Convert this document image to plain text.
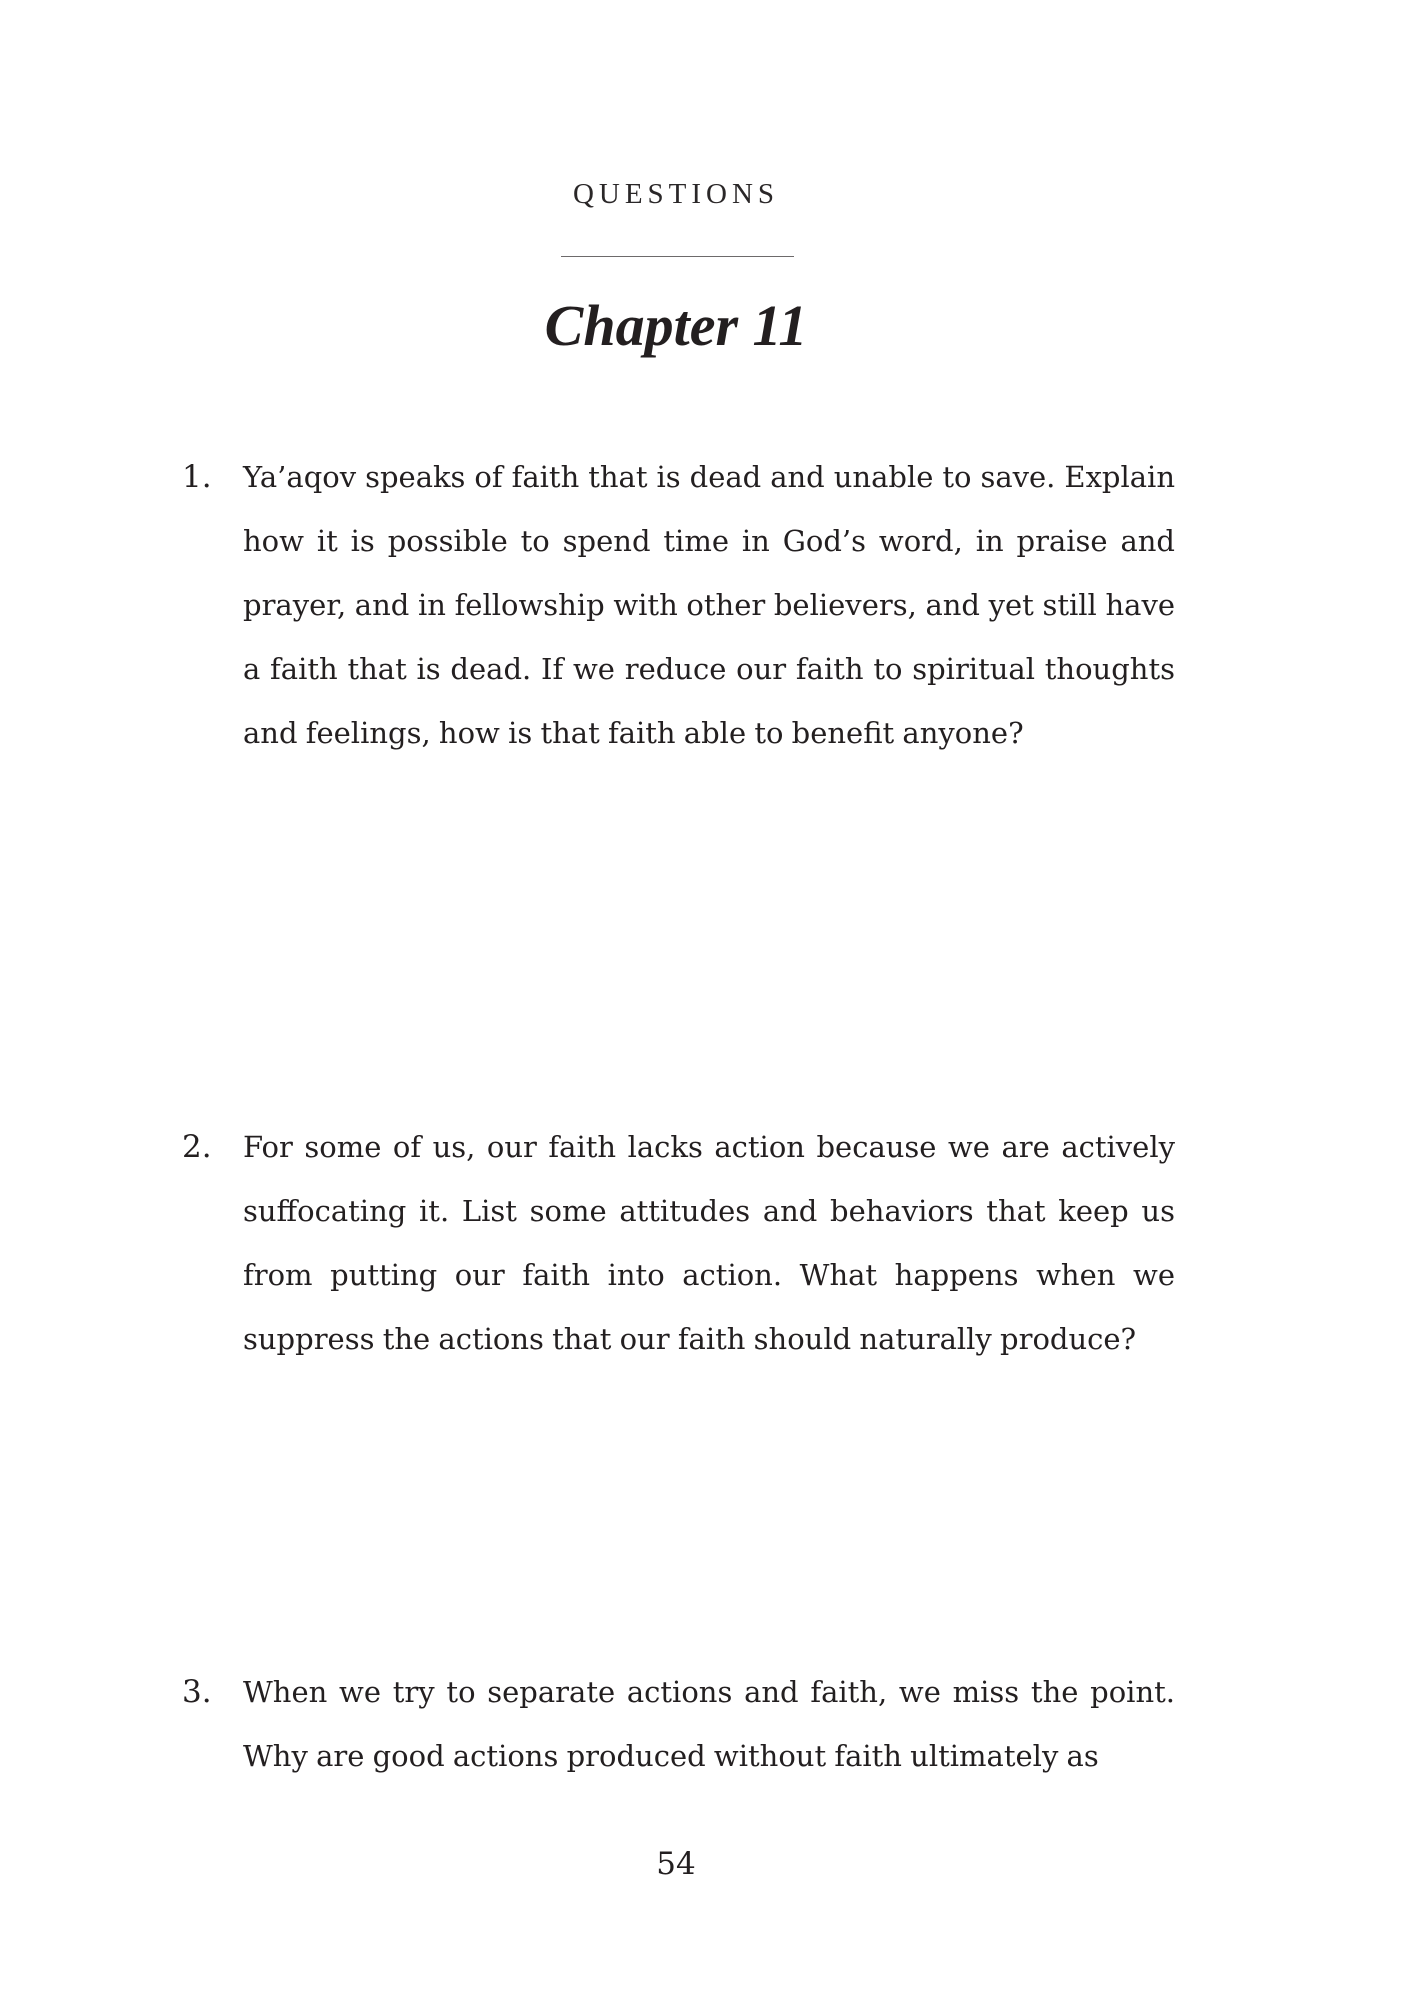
QUESTIONS
Chapter 11
1. Ya’aqov speaks of faith that is dead and unable to save. Explain how it is possible to spend time in God’s word, in praise and prayer, and in fellowship with other believers, and yet still have a faith that is dead. If we reduce our faith to spiritual thoughts and feelings, how is that faith able to benefit anyone?

2. For some of us, our faith lacks action because we are actively suffocating it. List some attitudes and behaviors that keep us from putting our faith into action. What happens when we suppress the actions that our faith should naturally produce?

3. When we try to separate actions and faith, we miss the point. Why are good actions produced without faith ultimately as

54
